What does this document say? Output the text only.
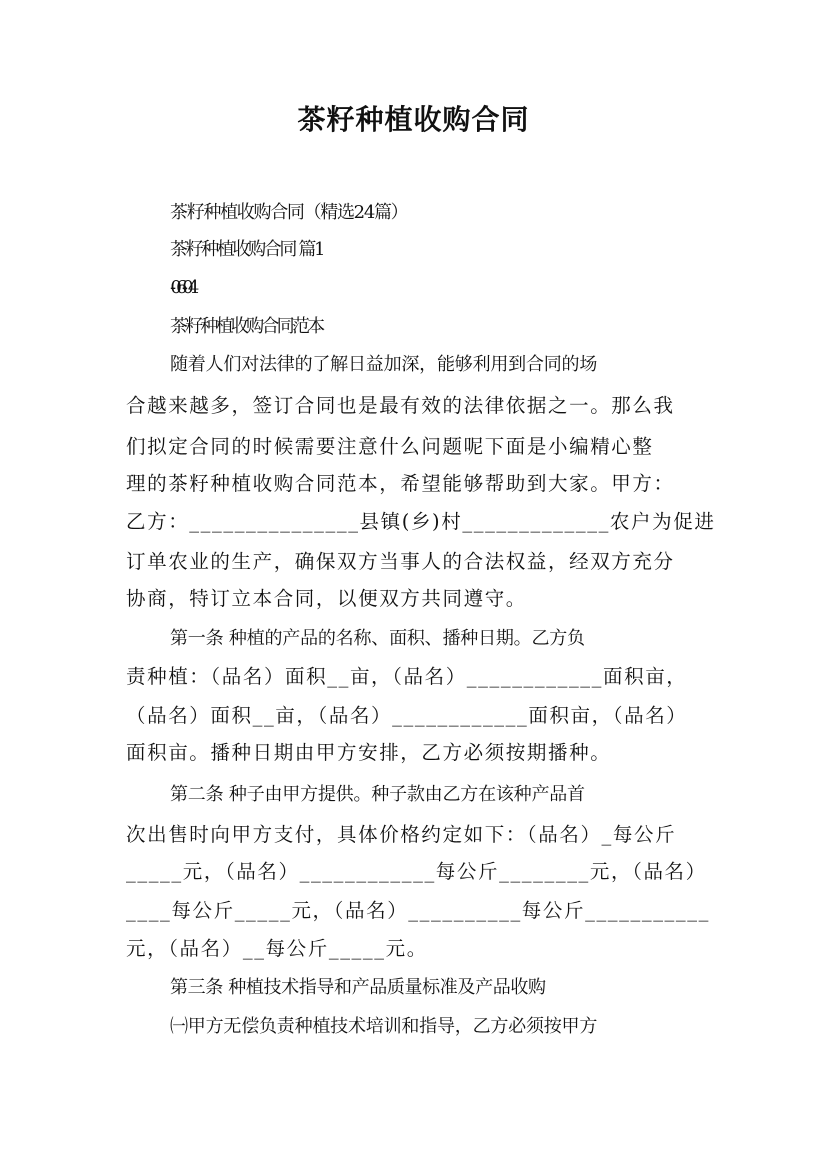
茶籽种植收购合同
茶籽种植收购合同（精选24篇）
茶籽种植收购合同 篇1
-06-04
茶籽种植收购合同范本
随着人们对法律的了解日益加深，能够利用到合同的场
合越来越多，签订合同也是最有效的法律依据之一。那么我
们拟定合同的时候需要注意什么问题呢下面是小编精心整
理的茶籽种植收购合同范本，希望能够帮助到大家。甲方：
乙方：_______________县镇(乡)村_____________农户为促进
订单农业的生产，确保双方当事人的合法权益，经双方充分
协商，特订立本合同，以便双方共同遵守。
第一条 种植的产品的名称、面积、播种日期。乙方负
责种植：（品名）面积__亩，（品名）____________面积亩，
（品名）面积__亩，（品名）____________面积亩，（品名）
面积亩。播种日期由甲方安排，乙方必须按期播种。
第二条 种子由甲方提供。种子款由乙方在该种产品首
次出售时向甲方支付，具体价格约定如下：（品名）_每公斤
_____元，（品名）____________每公斤________元，（品名）
____每公斤_____元，（品名）__________每公斤___________
元，（品名）__每公斤_____元。
第三条 种植技术指导和产品质量标准及产品收购
㈠甲方无偿负责种植技术培训和指导，乙方必须按甲方
